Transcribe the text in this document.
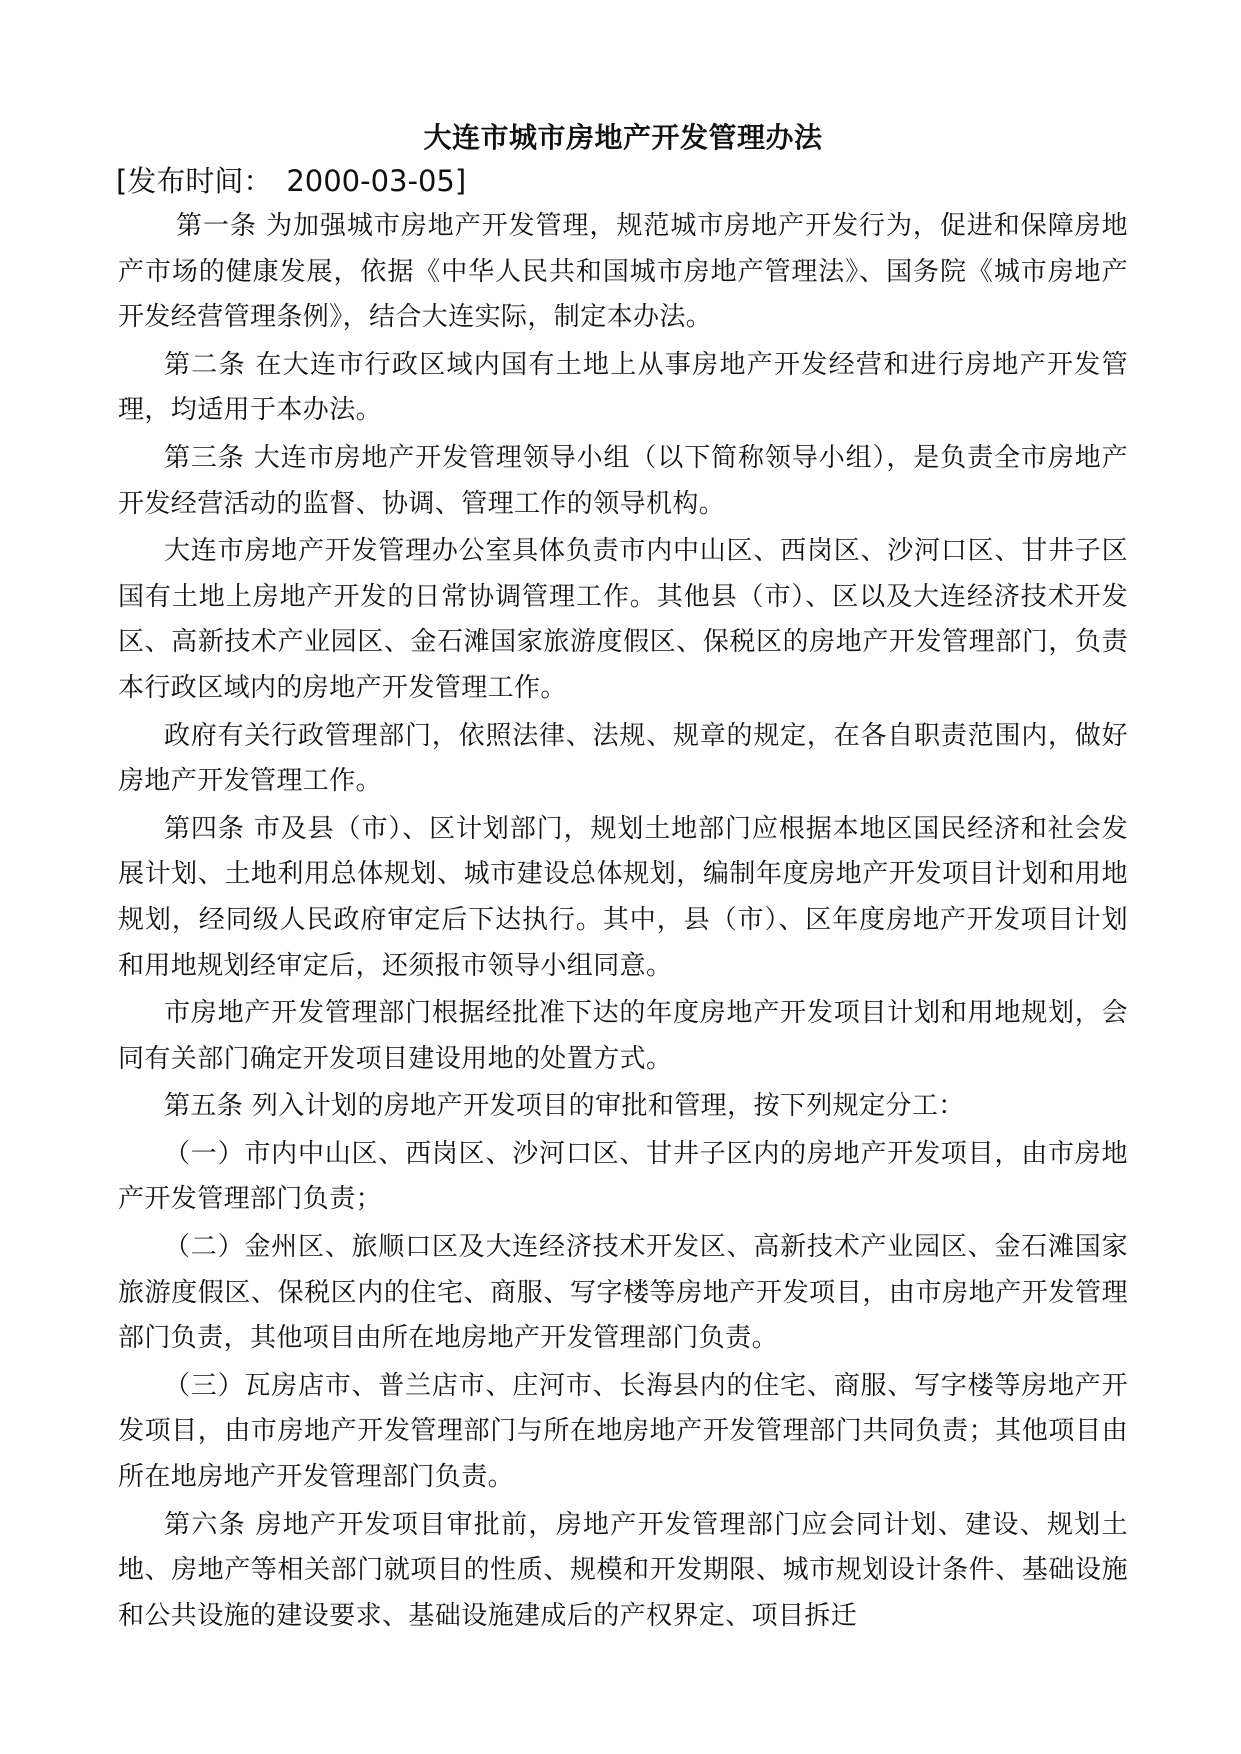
大连市城市房地产开发管理办法
[发布时间： 2000-03-05]

第一条 为加强城市房地产开发管理，规范城市房地产开发行为，促进和保障房地产市场的健康发展，依据《中华人民共和国城市房地产管理法》、国务院《城市房地产开发经营管理条例》，结合大连实际，制定本办法。

第二条 在大连市行政区域内国有土地上从事房地产开发经营和进行房地产开发管理，均适用于本办法。

第三条 大连市房地产开发管理领导小组（以下简称领导小组），是负责全市房地产开发经营活动的监督、协调、管理工作的领导机构。

大连市房地产开发管理办公室具体负责市内中山区、西岗区、沙河口区、甘井子区国有土地上房地产开发的日常协调管理工作。其他县（市）、区以及大连经济技术开发区、高新技术产业园区、金石滩国家旅游度假区、保税区的房地产开发管理部门，负责本行政区域内的房地产开发管理工作。

政府有关行政管理部门，依照法律、法规、规章的规定，在各自职责范围内，做好房地产开发管理工作。

第四条 市及县（市）、区计划部门，规划土地部门应根据本地区国民经济和社会发展计划、土地利用总体规划、城市建设总体规划，编制年度房地产开发项目计划和用地规划，经同级人民政府审定后下达执行。其中，县（市）、区年度房地产开发项目计划和用地规划经审定后，还须报市领导小组同意。

市房地产开发管理部门根据经批准下达的年度房地产开发项目计划和用地规划，会同有关部门确定开发项目建设用地的处置方式。

第五条 列入计划的房地产开发项目的审批和管理，按下列规定分工：

（一）市内中山区、西岗区、沙河口区、甘井子区内的房地产开发项目，由市房地产开发管理部门负责；

（二）金州区、旅顺口区及大连经济技术开发区、高新技术产业园区、金石滩国家旅游度假区、保税区内的住宅、商服、写字楼等房地产开发项目，由市房地产开发管理部门负责，其他项目由所在地房地产开发管理部门负责。

（三）瓦房店市、普兰店市、庄河市、长海县内的住宅、商服、写字楼等房地产开发项目，由市房地产开发管理部门与所在地房地产开发管理部门共同负责；其他项目由所在地房地产开发管理部门负责。

第六条 房地产开发项目审批前，房地产开发管理部门应会同计划、建设、规划土地、房地产等相关部门就项目的性质、规模和开发期限、城市规划设计条件、基础设施和公共设施的建设要求、基础设施建成后的产权界定、项目拆迁
